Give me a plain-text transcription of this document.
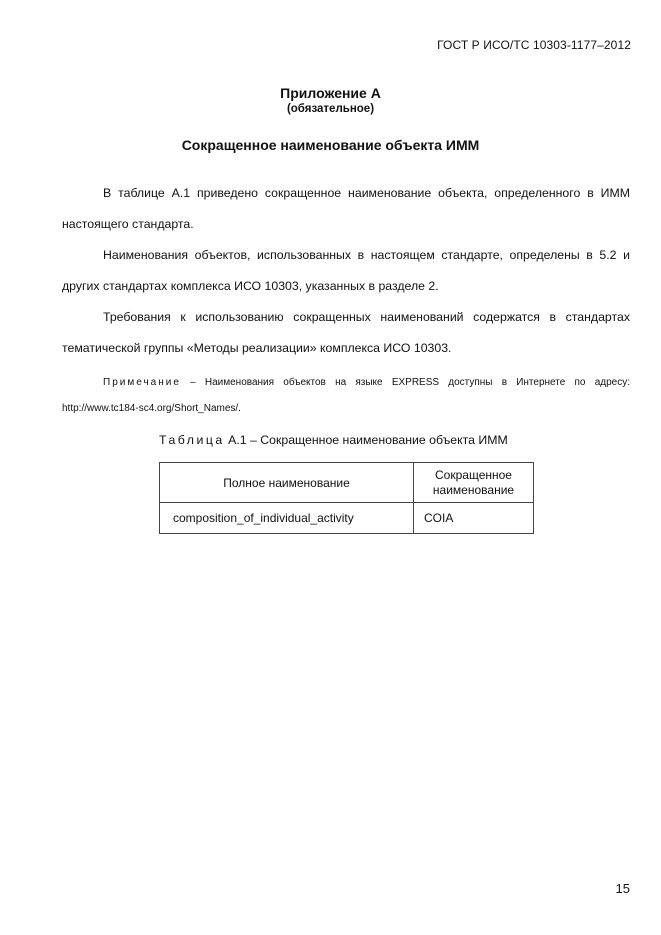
ГОСТ Р ИСО/ТС 10303-1177–2012
Приложение А
(обязательное)
Сокращенное наименование объекта ИММ

В таблице А.1 приведено сокращенное наименование объекта, определенного в ИММ настоящего стандарта.

Наименования объектов, использованных в настоящем стандарте, определены в 5.2 и других стандартах комплекса ИСО 10303, указанных в разделе 2.

Требования к использованию сокращенных наименований содержатся в стандартах тематической группы «Методы реализации» комплекса ИСО 10303.

Примечание – Наименования объектов на языке EXPRESS доступны в Интернете по адресу: http://www.tc184-sc4.org/Short_Names/.

Таблица А.1 – Сокращенное наименование объекта ИММ
Полное наименование	Сокращенное наименование
composition_of_individual_activity	COIA
15
